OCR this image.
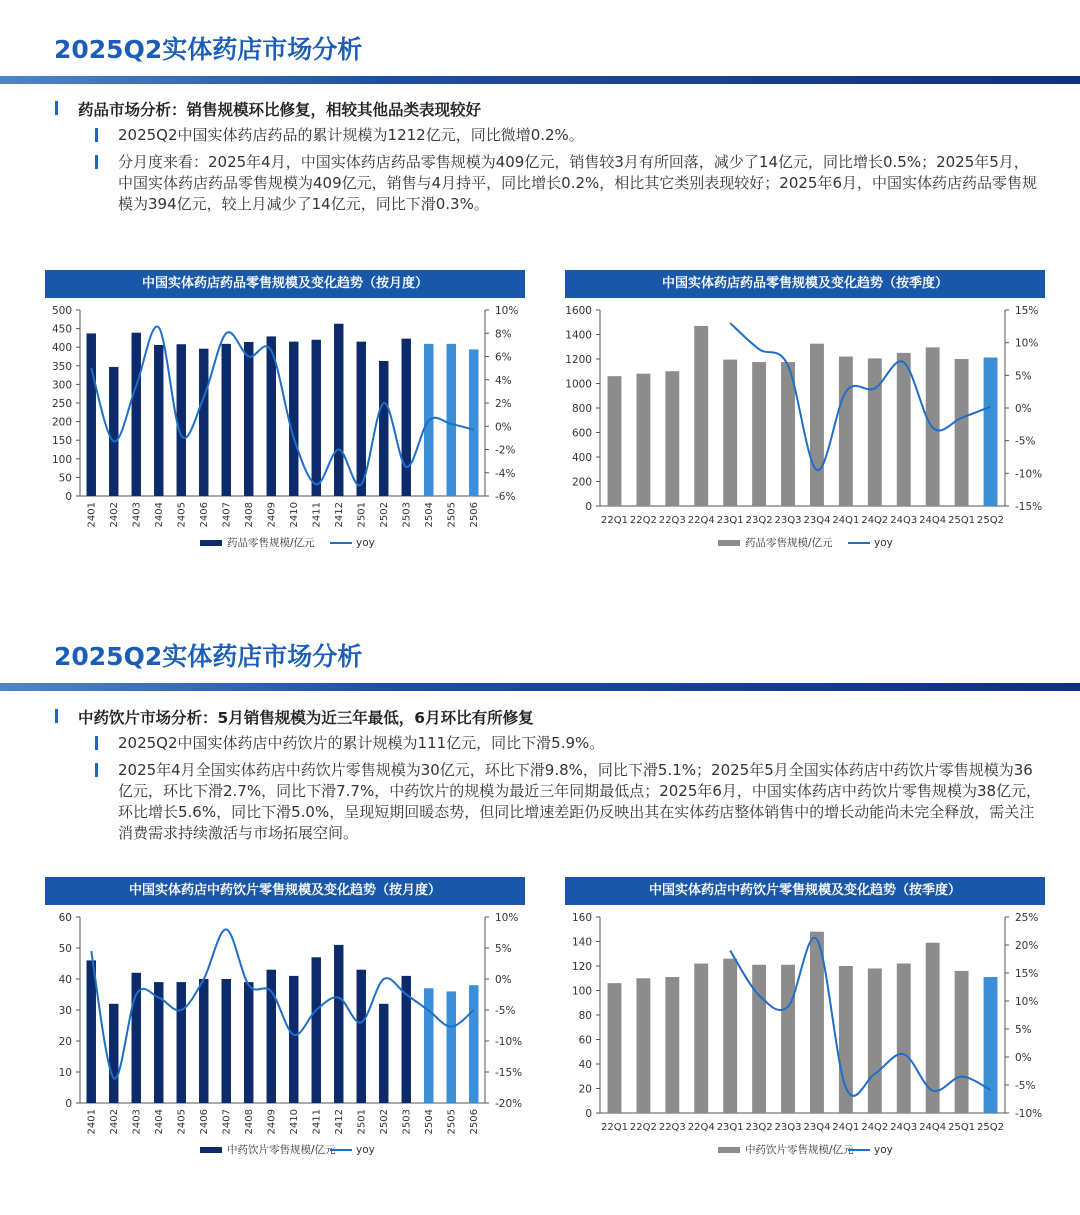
2025Q2实体药店市场分析
药品市场分析：销售规模环比修复，相较其他品类表现较好
2025Q2中国实体药店药品的累计规模为1212亿元，同比微增0.2%。
分月度来看：2025年4月，中国实体药店药品零售规模为409亿元，销售较3月有所回落，减少了14亿元，同比增长0.5%；2025年5月，中国实体药店药品零售规模为409亿元，销售与4月持平，同比增长0.2%，相比其它类别表现较好；2025年6月，中国实体药店药品零售规模为394亿元，较上月减少了14亿元，同比下滑0.3%。
中国实体药店药品零售规模及变化趋势（按月度）
0
50
100
150
200
250
300
350
400
450
500
-6%
-4%
-2%
0%
2%
4%
6%
8%
10%
2401 2402 2403 2404 2405 2406 2407 2408 2409 2410 2411 2412 2501 2502 2503 2504 2505 2506
药品零售规模/亿元	yoy
中国实体药店药品零售规模及变化趋势（按季度）
0
200
400
600
800
1000
1200
1400
1600
-15%
-10%
-5%
0%
5%
10%
15%
22Q1 22Q2 22Q3 22Q4 23Q1 23Q2 23Q3 23Q4 24Q1 24Q2 24Q3 24Q4 25Q1 25Q2
药品零售规模/亿元	yoy
2025Q2实体药店市场分析
中药饮片市场分析：5月销售规模为近三年最低，6月环比有所修复
2025Q2中国实体药店中药饮片的累计规模为111亿元，同比下滑5.9%。
2025年4月全国实体药店中药饮片零售规模为30亿元，环比下滑9.8%，同比下滑5.1%；2025年5月全国实体药店中药饮片零售规模为36亿元，环比下滑2.7%，同比下滑7.7%，中药饮片的规模为最近三年同期最低点；2025年6月，中国实体药店中药饮片零售规模为38亿元，环比增长5.6%，同比下滑5.0%，呈现短期回暖态势，但同比增速差距仍反映出其在实体药店整体销售中的增长动能尚未完全释放，需关注消费需求持续激活与市场拓展空间。
中国实体药店中药饮片零售规模及变化趋势（按月度）
0
10
20
30
40
50
60
-20%
-15%
-10%
-5%
0%
5%
10%
2401 2402 2403 2404 2405 2406 2407 2408 2409 2410 2411 2412 2501 2502 2503 2504 2505 2506
中药饮片零售规模/亿元 yoy
中国实体药店中药饮片零售规模及变化趋势（按季度）
0
20
40
60
80
100
120
140
160
-10%
-5%
0%
5%
10%
15%
20%
25%
22Q1 22Q2 22Q3 22Q4 23Q1 23Q2 23Q3 23Q4 24Q1 24Q2 24Q3 24Q4 25Q1 25Q2
中药饮片零售规模/亿元 yoy
